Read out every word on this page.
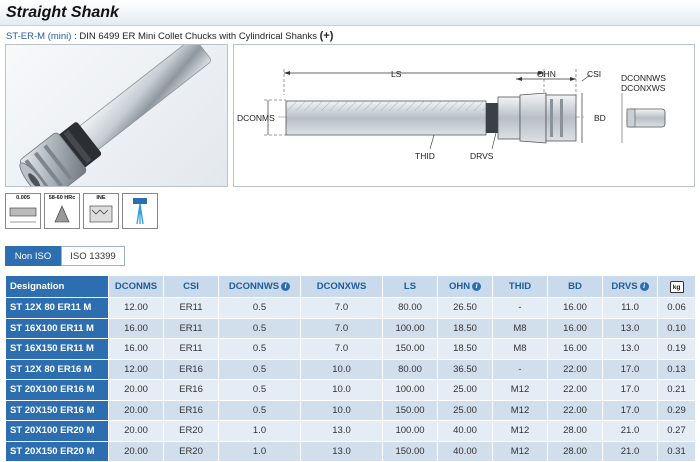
Straight Shank
ST-ER-M (mini) : DIN 6499 ER Mini Collet Chucks with Cylindrical Shanks (+)
LS	OHN	CSI DCONNWS
DCONXWS
DCONMS	BD
THID	DRVS
0.005	58-60 HRc	INE
Non ISO	ISO 13399
Designation	DCONMS	CSI	DCONNWS i	DCONXWS	LS	OHN i	THID	BD	DRVS i	kg
ST 12X 80 ER11 M	12.00	ER11	0.5	7.0	80.00	26.50	-	16.00	11.0	0.06
ST 16X100 ER11 M	16.00	ER11	0.5	7.0	100.00	18.50	M8	16.00	13.0	0.10
ST 16X150 ER11 M	16.00	ER11	0.5	7.0	150.00	18.50	M8	16.00	13.0	0.19
ST 12X 80 ER16 M	12.00	ER16	0.5	10.0	80.00	36.50	-	22.00	17.0	0.13
ST 20X100 ER16 M	20.00	ER16	0.5	10.0	100.00	25.00	M12	22.00	17.0	0.21
ST 20X150 ER16 M	20.00	ER16	0.5	10.0	150.00	25.00	M12	22.00	17.0	0.29
ST 20X100 ER20 M	20.00	ER20	1.0	13.0	100.00	40.00	M12	28.00	21.0	0.27
ST 20X150 ER20 M	20.00	ER20	1.0	13.0	150.00	40.00	M12	28.00	21.0	0.31
